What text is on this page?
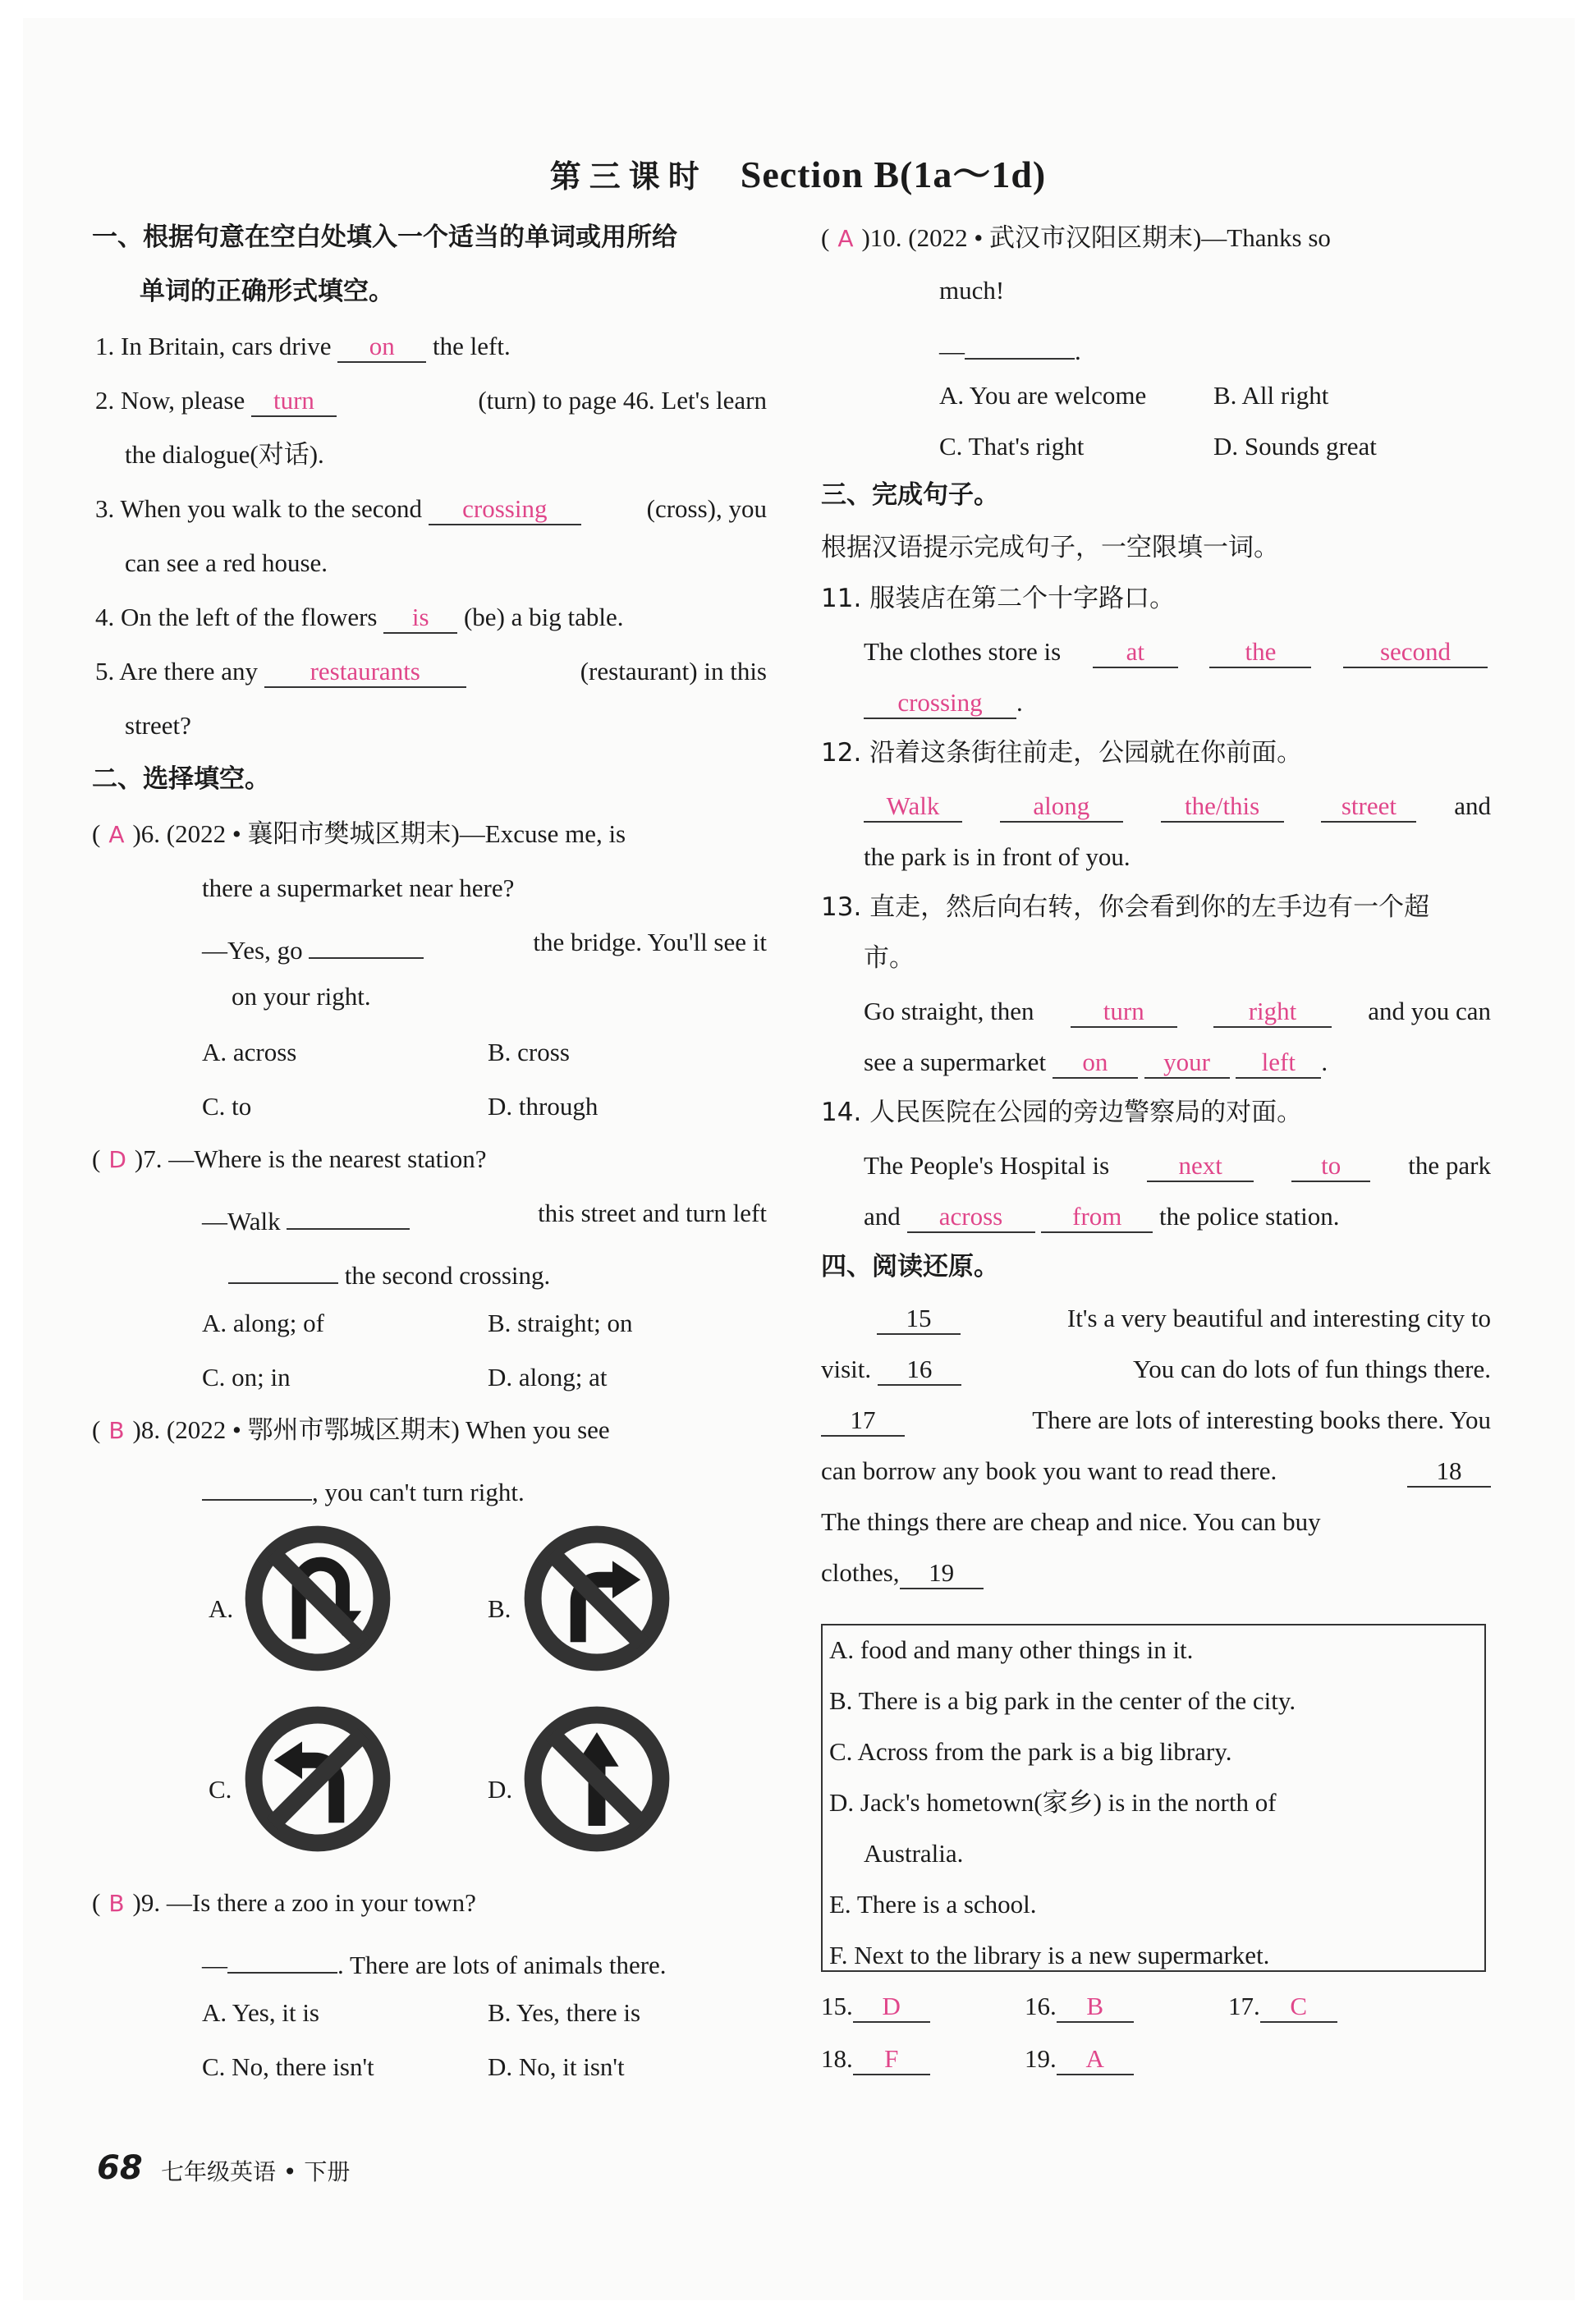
第三课时 Section B(1a～1d)
一、根据句意在空白处填入一个适当的单词或用所给
单词的正确形式填空。
1. In Britain, cars drive on the left.
2. Now, please turn	(turn) to page 46. Let's learn
the dialogue(对话).
3. When you walk to the second crossing	(cross), you
can see a red house.
4. On the left of the flowers is (be) a big table.
5. Are there any restaurants	(restaurant) in this
street?
二、选择填空。
( A )6. (2022 • 襄阳市樊城区期末)—Excuse me, is
there a supermarket near here?
—Yes, go	the bridge. You'll see it
on your right.
A. across	B. cross
C. to	D. through
( D )7. —Where is the nearest station?
—Walk	this street and turn left
the second crossing.
A. along; of	B. straight; on
C. on; in	D. along; at
( B )8. (2022 • 鄂州市鄂城区期末) When you see
, you can't turn right.
A.	B.
C.	D.
( B )9. —Is there a zoo in your town?
—	. There are lots of animals there.
A. Yes, it is	B. Yes, there is
C. No, there isn't	D. No, it isn't
( A )10. (2022 • 武汉市汉阳区期末)—Thanks so
much!
—	.
A. You are welcome	B. All right
C. That's right	D. Sounds great
三、完成句子。
根据汉语提示完成句子，一空限填一词。
11. 服装店在第二个十字路口。
The clothes store is	at	the	second
crossing .
12. 沿着这条街往前走，公园就在你前面。
Walk	along	the/this	street	and
the park is in front of you.
13. 直走，然后向右转，你会看到你的左手边有一个超
市。
Go straight, then	turn	right	and you can
see a supermarket on your left .
14. 人民医院在公园的旁边警察局的对面。
The People's Hospital is	next	to	the park
and across	from the police station.
四、阅读还原。
15	It's a very beautiful and interesting city to
visit. 16	You can do lots of fun things there.
17	There are lots of interesting books there. You
can borrow any book you want to read there.	18
The things there are cheap and nice. You can buy
clothes, 19
A. food and many other things in it.
B. There is a big park in the center of the city.
C. Across from the park is a big library.
D. Jack's hometown(家乡) is in the north of
Australia.
E. There is a school.
F. Next to the library is a new supermarket.
15. D	16. B	17. C
18. F	19. A
68 七年级英语 • 下册
